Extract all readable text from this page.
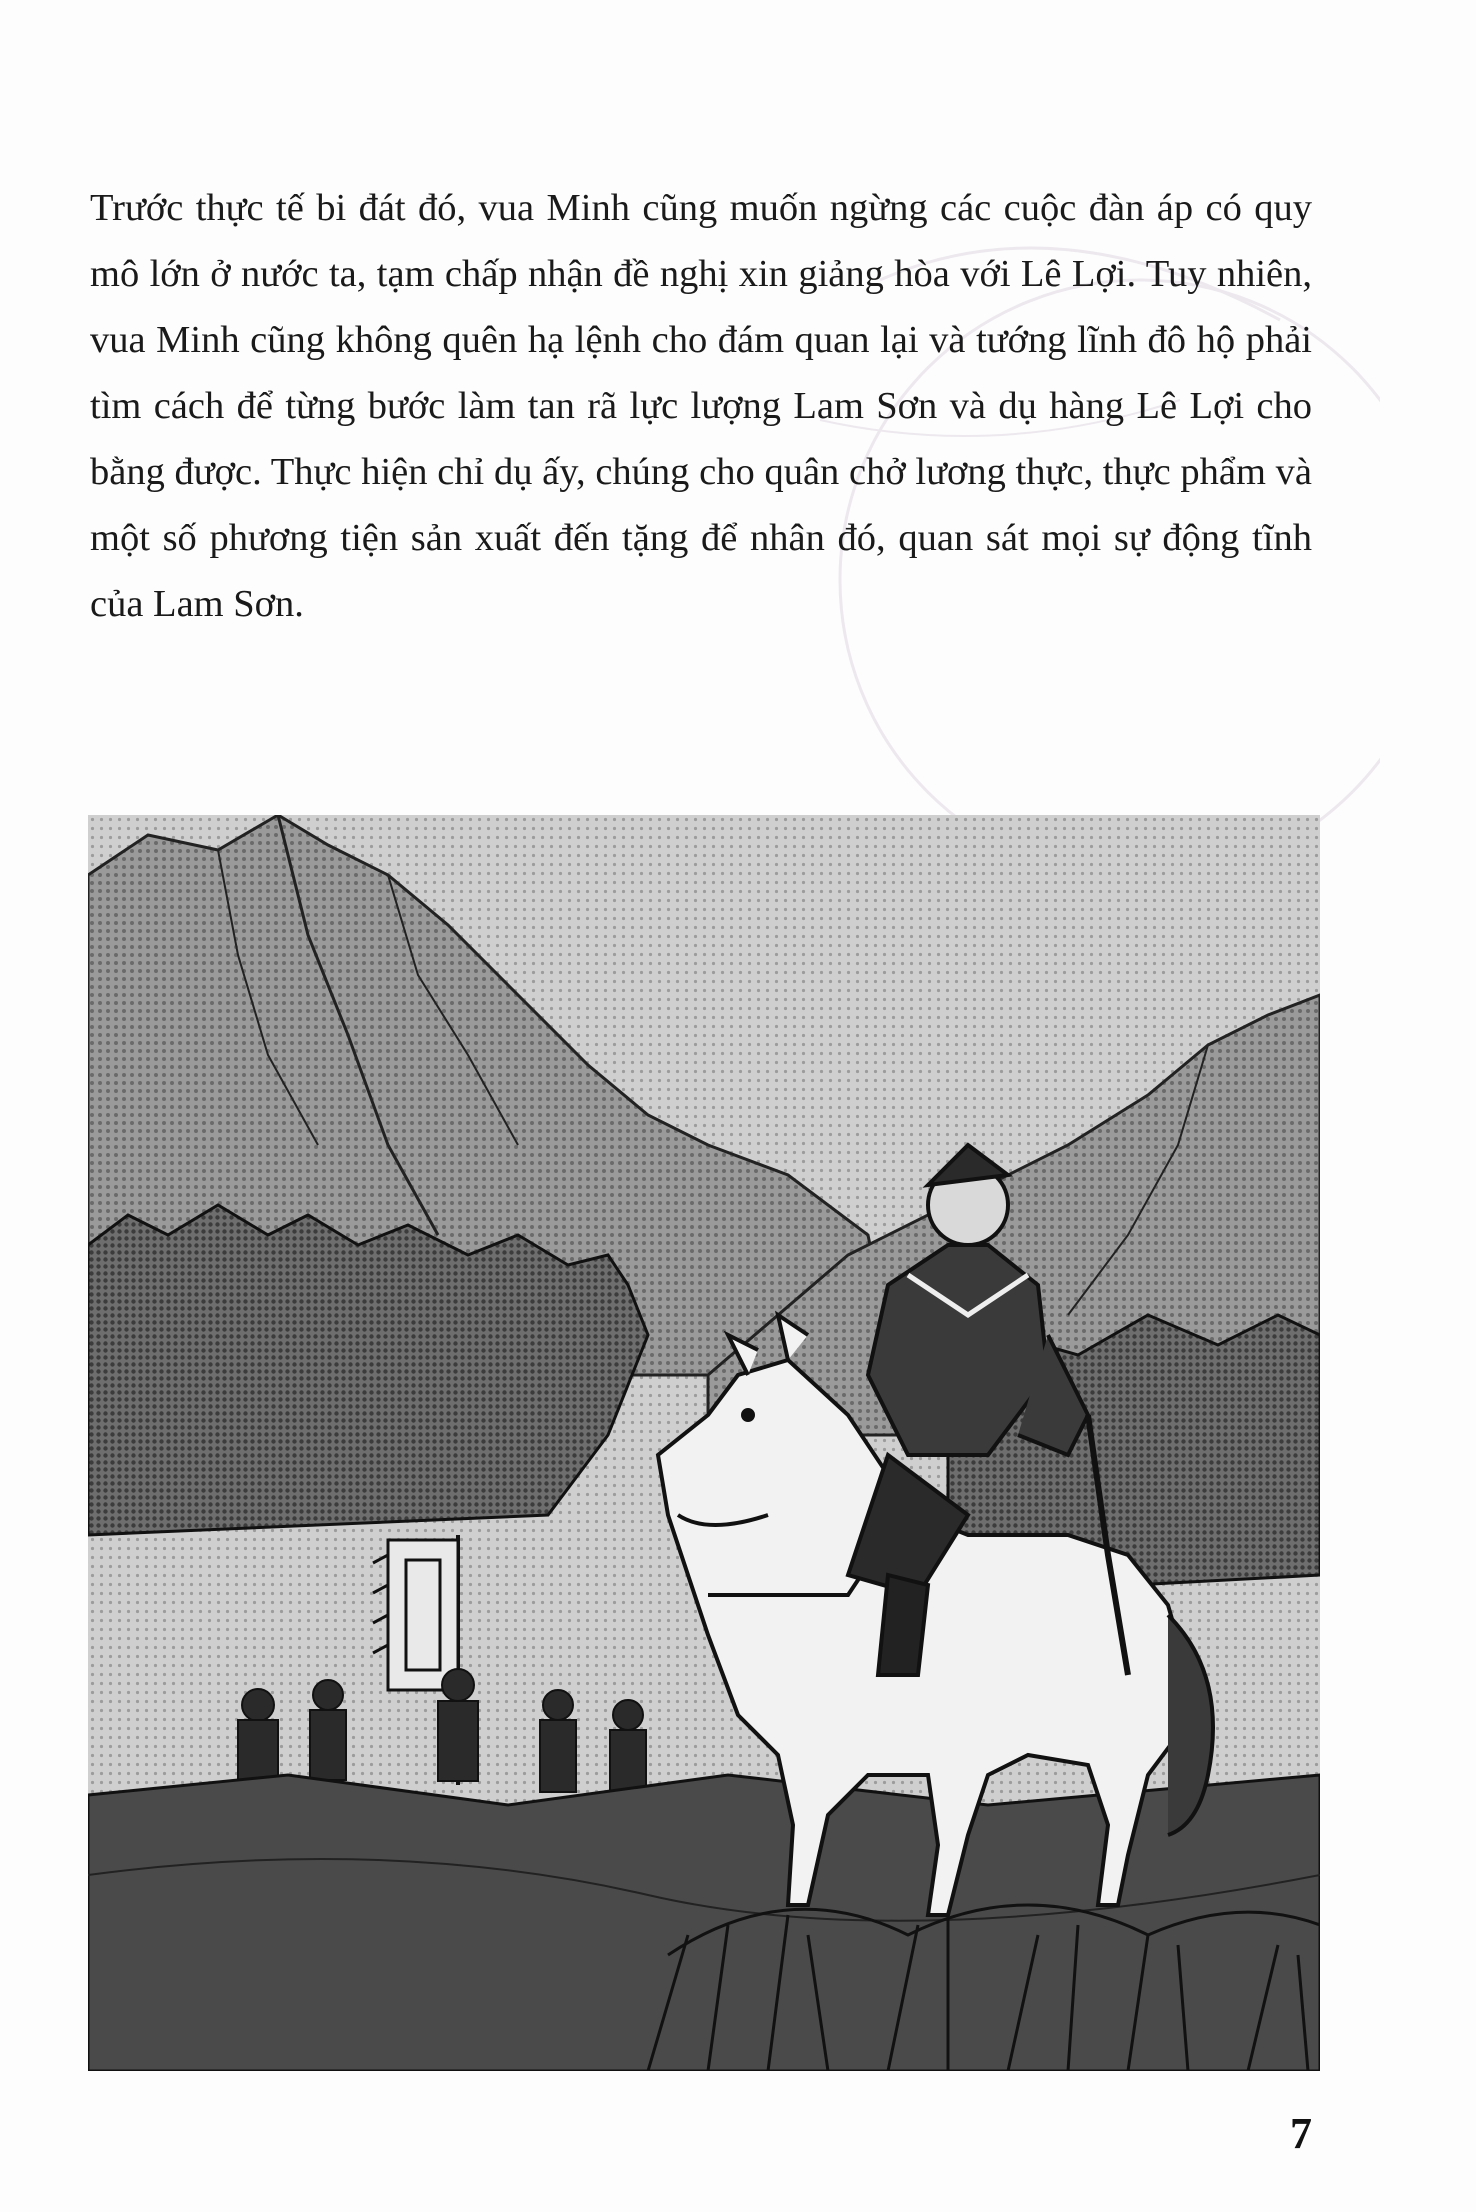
Trước thực tế bi đát đó, vua Minh cũng muốn ngừng các cuộc đàn áp có quy mô lớn ở nước ta, tạm chấp nhận đề nghị xin giảng hòa với Lê Lợi. Tuy nhiên, vua Minh cũng không quên hạ lệnh cho đám quan lại và tướng lĩnh đô hộ phải tìm cách để từng bước làm tan rã lực lượng Lam Sơn và dụ hàng Lê Lợi cho bằng được. Thực hiện chỉ dụ ấy, chúng cho quân chở lương thực, thực phẩm và một số phương tiện sản xuất đến tặng để nhân đó, quan sát mọi sự động tĩnh của Lam Sơn.

7
